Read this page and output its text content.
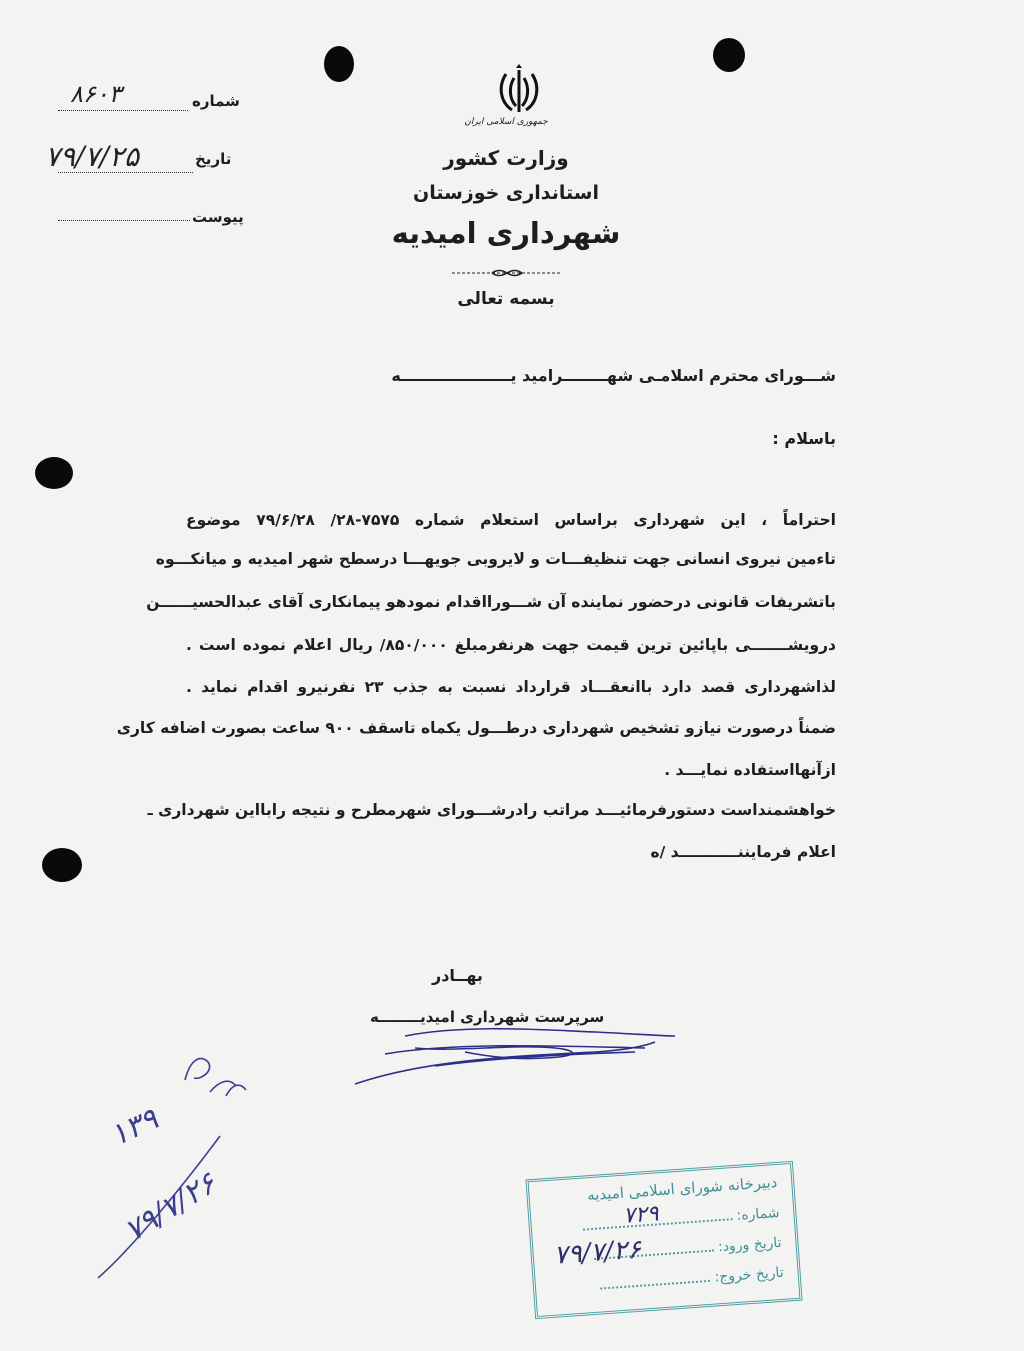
شماره
۸۶۰۳
تاریخ
۷۹/۷/۲۵
پیوست
جمهوری اسلامی ایران
وزارت کشور
استانداری خوزستان
شهرداری امیدیه
بسمه تعالی
شـــورای محترم اسلامـی شهــــــــرامید یــــــــــــــــــــه
باسلام :
احتراماً ، این شهرداری براساس استعلام شماره ۷۵۷۵-۲۸/ ۷۹/۶/۲۸ موضوع
تاءمین نیروی انسانی جهت تنظیفـــات و لایروبی جویهـــا درسطح شهر امیدیه و میانکـــوه
باتشریفات قانونی درحضور نماینده آن شـــورااقدام نمودهو پیمانکاری آقای عبدالحسیــــــن
درویشـــــــی باپائین ترین قیمت جهت هرنفرمبلغ ۸۵۰/۰۰۰/ ریال اعلام نموده است .
لذاشهرداری قصد دارد باانعقـــاد قرارداد نسبت به جذب ۲۳ نفرنیرو اقدام نماید .
ضمناً درصورت نیازو تشخیص شهرداری درطـــول یکماه تاسقف ۹۰۰ ساعت بصورت اضافه کاری
ازآنهااستفاده نمایـــد .
خواهشمنداست دستورفرمائیـــد مراتب رادرشـــورای شهرمطرح و نتیجه رابااین شهرداری ـ
اعلام فرمایننـــــــــــد /ه
بهــادر
سرپرست شهرداری امیدیــــــــه
۱۳۹
۷۹/۷/۲۶	دبیرخانه شورای اسلامی امیدیه
شماره:
تاریخ ورود:
تاریخ خروج:
۷۲۹
۷۹/۷/۲۶
